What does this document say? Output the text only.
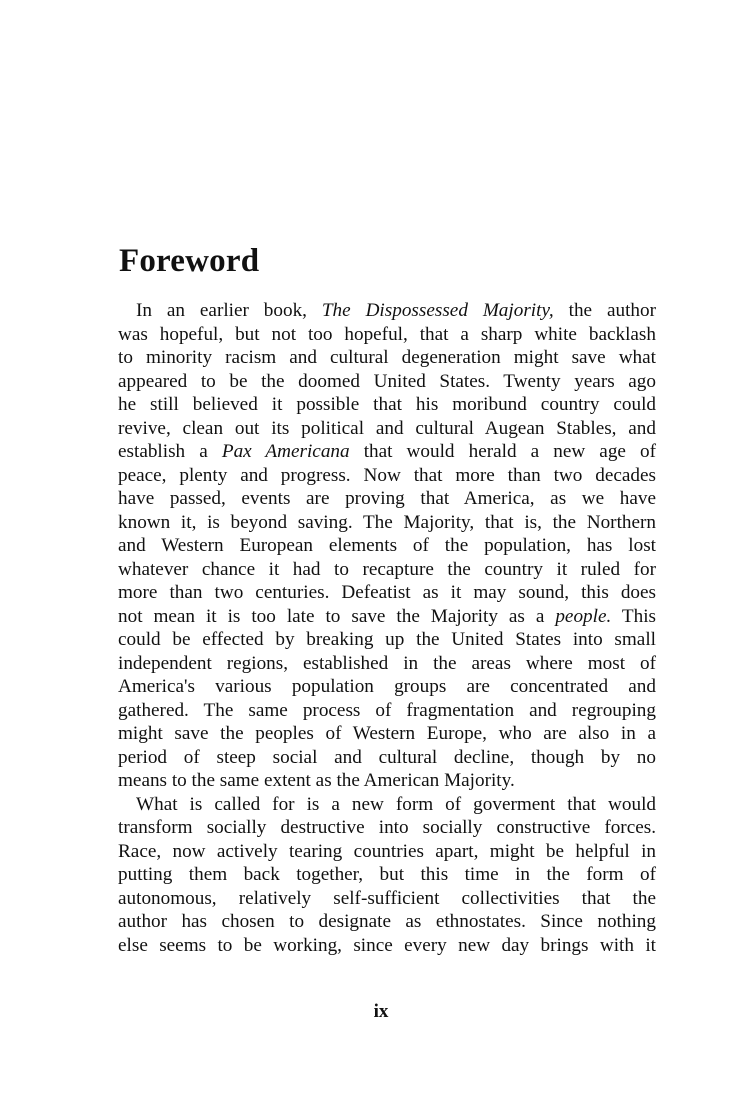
Foreword
In an earlier book, The Dispossessed Majority, the author
was hopeful, but not too hopeful, that a sharp white backlash
to minority racism and cultural degeneration might save what
appeared to be the doomed United States. Twenty years ago
he still believed it possible that his moribund country could
revive, clean out its political and cultural Augean Stables, and
establish a Pax Americana that would herald a new age of
peace, plenty and progress. Now that more than two decades
have passed, events are proving that America, as we have
known it, is beyond saving. The Majority, that is, the Northern
and Western European elements of the population, has lost
whatever chance it had to recapture the country it ruled for
more than two centuries. Defeatist as it may sound, this does
not mean it is too late to save the Majority as a people. This
could be effected by breaking up the United States into small
independent regions, established in the areas where most of
America's various population groups are concentrated and
gathered. The same process of fragmentation and regrouping
might save the peoples of Western Europe, who are also in a
period of steep social and cultural decline, though by no
means to the same extent as the American Majority.
What is called for is a new form of goverment that would
transform socially destructive into socially constructive forces.
Race, now actively tearing countries apart, might be helpful in
putting them back together, but this time in the form of
autonomous, relatively self-sufficient collectivities that the
author has chosen to designate as ethnostates. Since nothing
else seems to be working, since every new day brings with it
ix
